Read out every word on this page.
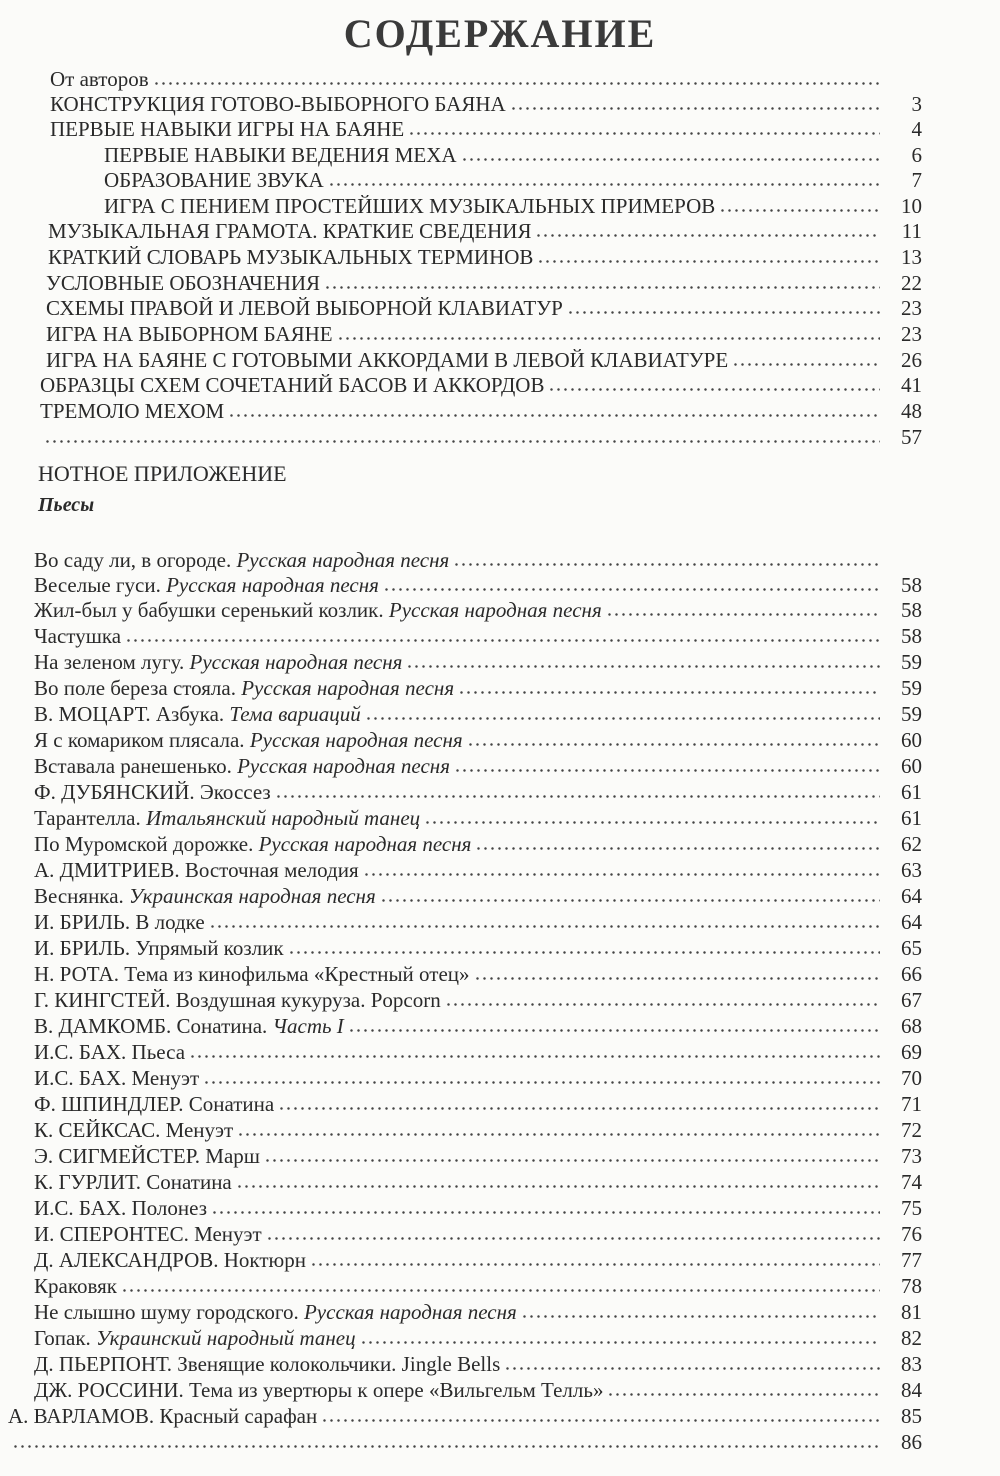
СОДЕРЖАНИЕ
От авторов
КОНСТРУКЦИЯ ГОТОВО-ВЫБОРНОГО БАЯНА	3
ПЕРВЫЕ НАВЫКИ ИГРЫ НА БАЯНЕ	4
ПЕРВЫЕ НАВЫКИ ВЕДЕНИЯ МЕХА	6
ОБРАЗОВАНИЕ ЗВУКА	7
ИГРА С ПЕНИЕМ ПРОСТЕЙШИХ МУЗЫКАЛЬНЫХ ПРИМЕРОВ	10
МУЗЫКАЛЬНАЯ ГРАМОТА. КРАТКИЕ СВЕДЕНИЯ	11
КРАТКИЙ СЛОВАРЬ МУЗЫКАЛЬНЫХ ТЕРМИНОВ	13
УСЛОВНЫЕ ОБОЗНАЧЕНИЯ	22
СХЕМЫ ПРАВОЙ И ЛЕВОЙ ВЫБОРНОЙ КЛАВИАТУР	23
ИГРА НА ВЫБОРНОМ БАЯНЕ	23
ИГРА НА БАЯНЕ С ГОТОВЫМИ АККОРДАМИ В ЛЕВОЙ КЛАВИАТУРЕ	26
ОБРАЗЦЫ СХЕМ СОЧЕТАНИЙ БАСОВ И АККОРДОВ	41
ТРЕМОЛО МЕХОМ	48
57
НОТНОЕ ПРИЛОЖЕНИЕ
Пьесы
Во саду ли, в огороде. Русская народная песня
Веселые гуси. Русская народная песня	58
Жил-был у бабушки серенький козлик. Русская народная песня	58
Частушка	58
На зеленом лугу. Русская народная песня	59
Во поле береза стояла. Русская народная песня	59
В. МОЦАРТ. Азбука. Тема вариаций	59
Я с комариком плясала. Русская народная песня	60
Вставала ранешенько. Русская народная песня	60
Ф. ДУБЯНСКИЙ. Экоссез	61
Тарантелла. Итальянский народный танец	61
По Муромской дорожке. Русская народная песня	62
А. ДМИТРИЕВ. Восточная мелодия	63
Веснянка. Украинская народная песня	64
И. БРИЛЬ. В лодке	64
И. БРИЛЬ. Упрямый козлик	65
Н. РОТА. Тема из кинофильма «Крестный отец»	66
Г. КИНГСТЕЙ. Воздушная кукуруза. Popcorn	67
В. ДАМКОМБ. Сонатина. Часть I	68
И.С. БАХ. Пьеса	69
И.С. БАХ. Менуэт	70
Ф. ШПИНДЛЕР. Сонатина	71
К. СЕЙКСАС. Менуэт	72
Э. СИГМЕЙСТЕР. Марш	73
К. ГУРЛИТ. Сонатина	74
И.С. БАХ. Полонез	75
И. СПЕРОНТЕС. Менуэт	76
Д. АЛЕКСАНДРОВ. Ноктюрн	77
Краковяк	78
Не слышно шуму городского. Русская народная песня	81
Гопак. Украинский народный танец	82
Д. ПЬЕРПОНТ. Звенящие колокольчики. Jingle Bells	83
ДЖ. РОССИНИ. Тема из увертюры к опере «Вильгельм Телль»	84
А. ВАРЛАМОВ. Красный сарафан	85
86
